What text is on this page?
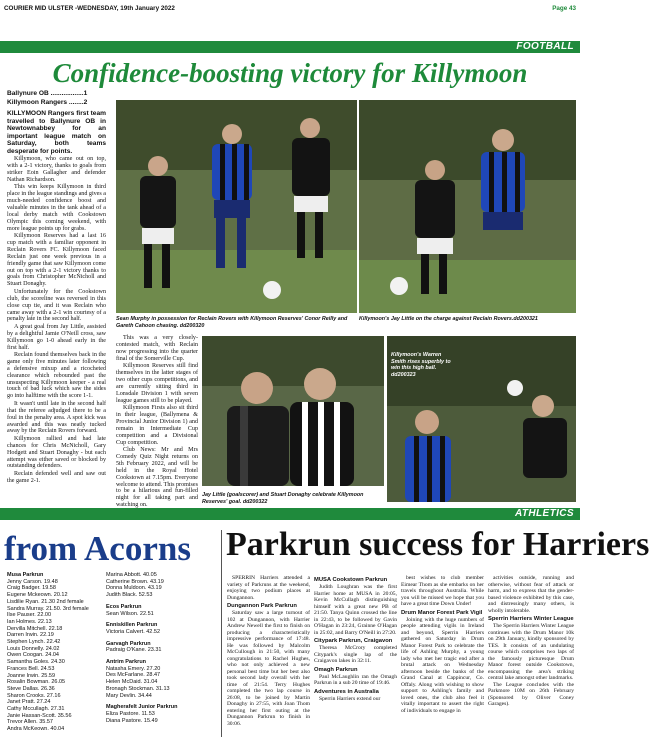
COURIER MID ULSTER -WEDNESDAY, 19th January 2022	Page 43
FOOTBALL
Confidence-boosting victory for Killymoon
Ballynure OB ..................1
Killymoon Rangers ........2

KILLYMOON Rangers first team travelled to Ballynure OB in Newtownabbey for an important league match on Saturday, both teams desperate for points.

Killymoon, who came out on top, with a 2-1 victory, thanks to goals from striker Eoin Gallagher and defender Nathan Richardson.

This win keeps Killymoon in third place in the league standings and gives a much-needed confidence boost and valuable minutes in the tank ahead of a local derby match with Cookstown Olympic this coming weekend, with more league points up for grabs.

Killymoon Reserves had a last 16 cup match with a familiar opponent in Reclain Rovers FC. Killymoon faced Reclain just one week previous in a friendly game that saw Killymoon come out on top with a 2-1 victory thanks to goals from Christopher McNicholl and Stuart Donaghy.

Unfortunately for the Cookstown club, the scoreline was reversed in this close cup tie, and it was Reclain who came away with a 2-1 win courtesy of a penalty late in the second half.

A great goal from Jay Little, assisted by a delightful Jamie O'Neill cross, saw Killymoon go 1-0 ahead early in the first half.

Reclain found themselves back in the game only five minutes later following a defensive mixup and a ricocheted clearance which rebounded past the unsuspecting Killymoon keeper - a real touch of bad luck which saw the sides go into halftime with the score 1-1.

It wasn't until late in the second half that the referee adjudged there to be a foul in the penalty area. A spot kick was awarded and this was neatly tucked away by the Reclain Rovers forward.

Killymoon rallied and had late chances for Chris McNicholl, Gary Hodgett and Stuart Donaghy - but each attempt was either saved or blocked by outstanding defenders.

Reclain defended well and saw out the game 2-1.

Sean Murphy in possession for Reclain Rovers with Killymoon Reserves' Conor Reilly and Gareth Cahoon chasing. dd200320
Killymoon's Jay Little on the charge against Reclain Rovers.dd200321

This was a very closely-contested match, with Reclain now progressing into the quarter final of the Somerville Cup.

Killymoon Reserves still find themselves in the latter stages of two other cups competitions, and are currently sitting third in Lonsdale Division 1 with seven league games still to be played.

Killymoon Firsts also sit third in their league, (Ballymena & Provincial Junior Division 1) and remain in Intermediate Cup competition and a Divisional Cup competition.

Club News: Mr and Mrs Comedy Quiz Night returns on 5th February 2022, and will be held in the Royal Hotel Cookstown at 7.15pm. Everyone welcome to attend. This promises to be a hilarious and fun-filled night for all taking part and watching on.

Jay Little (goalscorer) and Stuart Donaghy celebrate Killymoon Reserves' goal. dd200322
Killymoon's Warren Smith rises superbly to win this high ball. dd200323
ATHLETICS
from Acorns	Parkrun success for Harriers
Musa Parkrun
Jenny Carson. 19.48
Craig Badger. 19.58
Eugene Mckeown. 20.12
Lisdilie Ryan. 21.30 2nd female
Sandra Murray. 21.50. 3rd female
Ilse Pauser. 22.00
Ian Holmes. 22.13
Dervilla Mitchell. 22.18
Darren Irwin. 22.19
Stephen Lynch. 22.42
Louis Donnelly. 24.02
Owen Coogan. 24.04
Samantha Goles. 24.30
Frances Bell. 24.53
Joanne Irwin. 25.59
Rosalin Bowman. 26.05
Steve Dallas. 26.36
Sharon Crooks. 27.16
Janet Pratt. 27.24
Cathy Mccullagh. 27.31
Janie Hassan-Scott. 35.56
Trevor Allen. 35.57
Andra McKeown. 40.04
Marina Abbott. 40.05
Catherine Brown. 43.19
Donna Muldoon. 43.19
Judith Black. 52.53
Ecos Parkrun
Sean Wilson. 22.51
Enniskillen Parkrun
Victoria Calvert. 42.52
Garvagh Parkrun
Padraig O'Kane. 23.31
Antrim Parkrun
Natasha Emery. 27.20
Des McFarlane. 28.47
Helen McDaid. 31.04
Bronagh Stockman. 31.13
Mary Devlin. 34.44
Magherafelt Junior Parkrun
Eliza Pastore. 11.53
Diana Pastore. 15.49

SPERRIN Harriers attended a variety of Parkruns at the weekend, enjoying two podium places at Dungannon.

Dungannon Park Parkrun

Saturday saw a large turnout of 102 at Dungannon, with Harrier Andrew Newell the first to finish on producing a characteristically impressive performance of 17:48. He was followed by Malcolm McCullough in 21:50, with many congratulations to Rachel Hughes, who not only achieved a new personal best time but her best also took second lady overall with her time of 21:54. Terry Hughes completed the two lap course in 26:08, to be joined by Martin Donaghy in 27:55, with Joan Thom entering her first outing at the Dungannon Parkrun to finish in 30:06.

MUSA Cookstown Parkrun

Judith Loughran was the first Harrier home at MUSA in 20:05, Kevin McCullagh distinguishing himself with a great new PB of 21:50. Tanya Quinn crossed the line in 22:43, to be followed by Gavin O'Hagan in 23:24, Grainne O'Hagan in 25:02, and Barry O'Neill in 27:20.

Citypark Parkrun, Craigavon

Theresa McCrory completed Citypark's single lap of the Craigavon lakes in 32:11.

Omagh Parkrun

Paul McLaughlin ran the Omagh Parkrun in a sub 20 time of 19:46.

Adventures in Australia

Sperrin Harriers extend our

best wishes to club member Eimear Thom as she embarks on her travels throughout Australia. While you will be missed we hope that you have a great time Down Under!

Drum Manor Forest Park Vigil

Joining with the huge numbers of people attending vigils in Ireland and beyond, Sperrin Harriers gathered on Saturday in Drum Manor Forest Park to celebrate the life of Ashling Murphy, a young lady who met her tragic end after a brutal attack on Wednesday afternoon beside the banks of the Grand Canal at Cappincur, Co. Offaly. Along with wishing to show support to Ashling's family and loved ones, the club also feel it vitally important to assert the right of individuals to engage in

activities outside, running and otherwise, without fear of attack or harm, and to express that the gender-based violence exhibited by this case, and distressingly many others, is wholly intolerable.

Sperrin Harriers Winter League

The Sperrin Harriers Winter League continues with the Drum Manor 10k on 29th January, kindly sponsored by TES. It consists of an undulating course which comprises two laps of the famously picturesque Drum Manor forest outside Cookstown, encompassing the area's striking central lake amongst other landmarks.

The League concludes with the Parkmore 10M on 26th February (Sponsored by Oliver Coney Garages).
